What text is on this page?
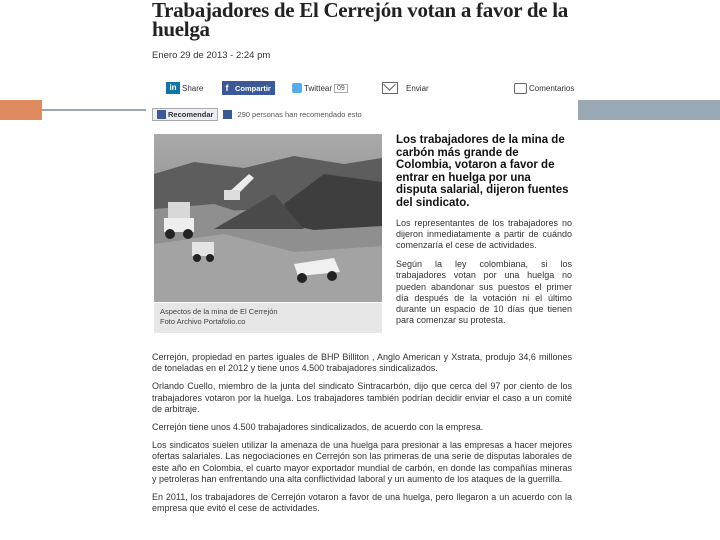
Trabajadores de El Cerrejón votan a favor de la huelga
Enero 29 de 2013 - 2:24 pm
in Share	f Compartir	Twittear 09	Enviar	Comentarios
Recomendar	290 personas han recomendado esto
Aspectos de la mina de El Cerrejón
Foto Archivo Portafolio.co
Los trabajadores de la mina de carbón más grande de Colombia, votaron a favor de entrar en huelga por una disputa salarial, dijeron fuentes del sindicato.
Los representantes de los trabajadores no dijeron inmediatamente a partir de cuándo comenzaría el cese de actividades.
Según la ley colombiana, si los trabajadores votan por una huelga no pueden abandonar sus puestos el primer día después de la votación ni el último durante un espacio de 10 días que tienen para comenzar su protesta.

Cerrejón, propiedad en partes iguales de BHP Billiton , Anglo American y Xstrata, produjo 34,6 millones de toneladas en el 2012 y tiene unos 4.500 trabajadores sindicalizados.

Orlando Cuello, miembro de la junta del sindicato Sintracarbón, dijo que cerca del 97 por ciento de los trabajadores votaron por la huelga. Los trabajadores también podrían decidir enviar el caso a un comité de arbitraje.

Cerrejón tiene unos 4.500 trabajadores sindicalizados, de acuerdo con la empresa.

Los sindicatos suelen utilizar la amenaza de una huelga para presionar a las empresas a hacer mejores ofertas salariales. Las negociaciones en Cerrejón son las primeras de una serie de disputas laborales de este año en Colombia, el cuarto mayor exportador mundial de carbón, en donde las compañías mineras y petroleras han enfrentando una alta conflictividad laboral y un aumento de los ataques de la guerrilla.

En 2011, los trabajadores de Cerrejón votaron a favor de una huelga, pero llegaron a un acuerdo con la empresa que evitó el cese de actividades.
